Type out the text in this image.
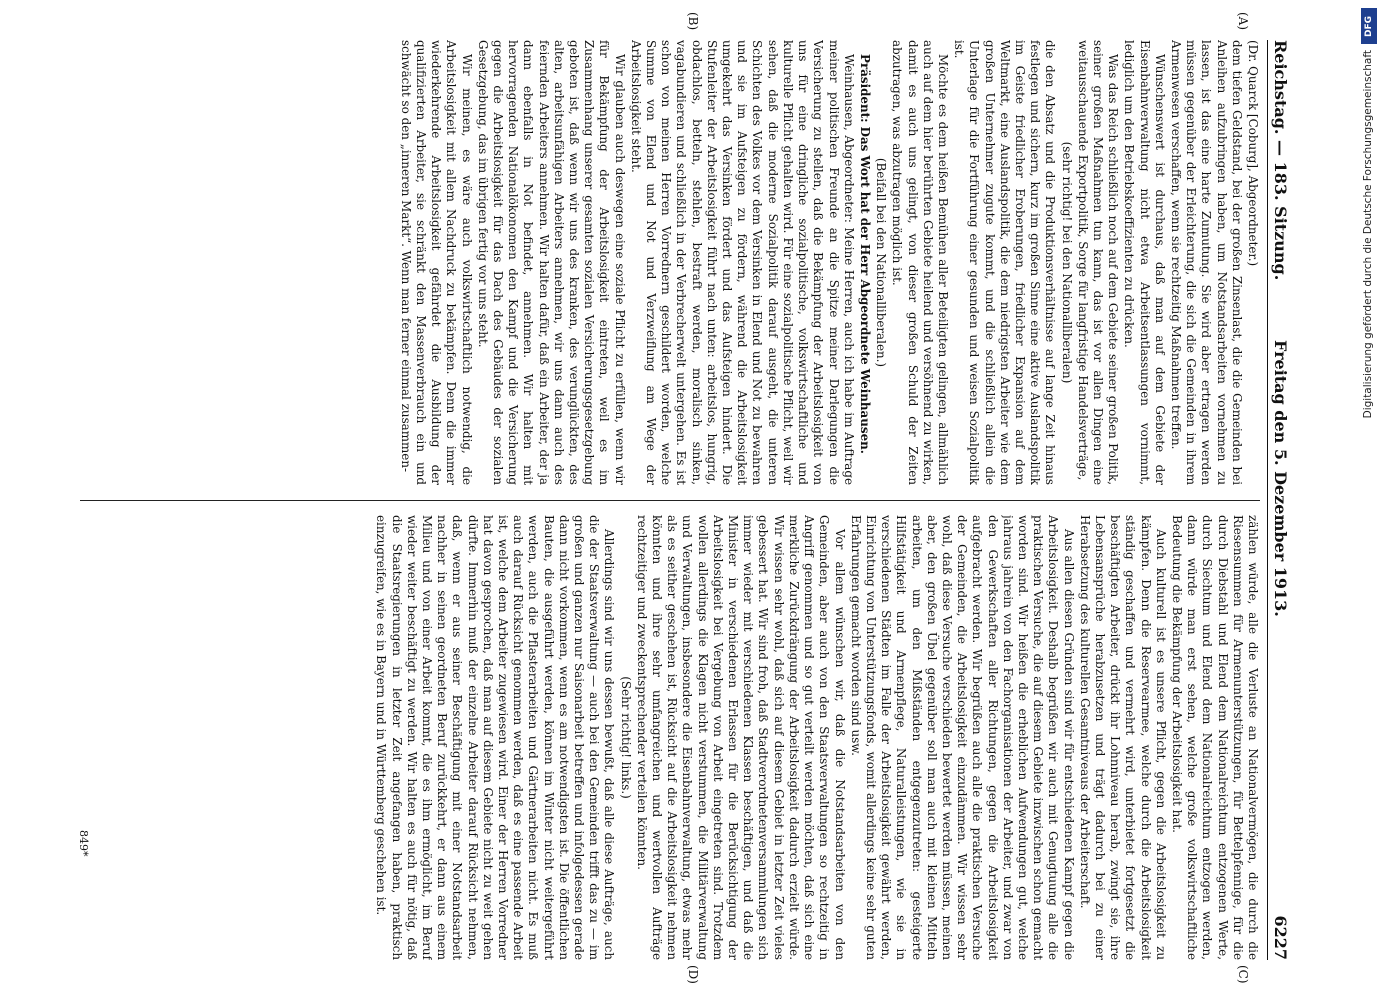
Reichstag. — 183. Sitzung.
Freitag den 5. Dezember 1913.
6227
(A)
(B)
(C)
(D)

(Dr. Quarck [Coburg], Abgeordneter.)

dem tiefen Geldstand, bei der großen Zinsenlast, die die Gemeinden bei Anleihen aufzubringen haben, um Notstandsarbeiten vornehmen zu lassen, ist das eine harte Zumutung. Sie wird aber ertragen werden müssen gegenüber der Erleichterung, die sich die Gemeinden in ihrem Armenwesen verschaffen, wenn sie rechtzeitig Maßnahmen treffen.

Wünschenswert ist durchaus, daß man auf dem Gebiete der Eisenbahnverwaltung nicht etwa Arbeitsentlassungen vornimmt, lediglich um den Betriebskoeffizienten zu drücken.

Was das Reich schließlich noch auf dem Gebiete seiner großen Politik, seiner großen Maßnahmen tun kann, das ist vor allen Dingen eine weitausschauende Exportpolitik, Sorge für langfristige Handelsverträge,

(sehr richtig! bei den Nationalliberalen)

die den Absatz und die Produktionsverhältnisse auf lange Zeit hinaus festlegen und sichern, kurz im großen Sinne eine aktive Auslandspolitik im Geiste friedlicher Eroberungen, friedlicher Expansion auf dem Weltmarkt, eine Auslandspolitik, die dem niedrigsten Arbeiter wie dem großen Unternehmer zugute kommt, und die schließlich allein die Unterlage für die Fortführung einer gesunden und weisen Sozialpolitik ist.

Möchte es dem heißen Bemühen aller Beteiligten gelingen, allmählich auch auf dem hier berührten Gebiete heilend und versöhnend zu wirken, damit es auch uns gelingt, von dieser großen Schuld der Zeiten abzutragen, was abzutragen möglich ist.

(Beifall bei den Nationalliberalen.)

Präsident: Das Wort hat der Herr Abgeordnete Weinhausen.

Weinhausen, Abgeordneter: Meine Herren, auch ich habe im Auftrage meiner politischen Freunde an die Spitze meiner Darlegungen die Versicherung zu stellen, daß die Bekämpfung der Arbeitslosigkeit von uns für eine dringliche sozialpolitische, volkswirtschaftliche und kulturelle Pflicht gehalten wird. Für eine sozialpolitische Pflicht, weil wir sehen, daß die moderne Sozialpolitik darauf ausgeht, die unteren Schichten des Volkes vor dem Versinken in Elend und Not zu bewahren und sie im Aufsteigen zu fördern, während die Arbeitslosigkeit umgekehrt das Versinken fördert und das Aufsteigen hindert. Die Stufenleiter der Arbeitslosigkeit führt nach unten: arbeitslos, hungrig, obdachlos, betteln, stehlen, bestraft werden, moralisch sinken, vagabundieren und schließlich in der Verbrecherwelt untergehen. Es ist schon von meinen Herren Vorrednern geschildert worden, welche Summe von Elend und Not und Verzweiflung am Wege der Arbeitslosigkeit steht.

Wir glauben auch deswegen eine soziale Pflicht zu erfüllen, wenn wir für Bekämpfung der Arbeitslosigkeit eintreten, weil es im Zusammenhang unserer gesamten sozialen Versicherungsgesetzgebung geboten ist, daß wenn wir uns des kranken, des verunglückten, des alten, arbeitsunfähigen Arbeiters annehmen, wir uns dann auch des feiernden Arbeiters annehmen. Wir halten dafür, daß ein Arbeiter, der ja dann ebenfalls in Not befindet, annehmen. Wir halten mit hervorragenden Nationalökonomen den Kampf und die Versicherung gegen die Arbeitslosigkeit für das Dach des Gebäudes der sozialen Gesetzgebung, das im übrigen fertig vor uns steht.

Wir meinen, es wäre auch volkswirtschaftlich notwendig, die Arbeitslosigkeit mit allem Nachdruck zu bekämpfen. Denn die immer wiederkehrende Arbeitslosigkeit gefährdet die Ausbildung der qualifizierten Arbeiter, sie schränkt den Massenverbrauch ein und schwächt so den „inneren Markt“. Wenn man ferner einmal zusammen-

zählen würde, alle die Verluste an Nationalvermögen, die durch die Riesensummen für Armenunterstützungen, für Bettelpfennige, für die durch Diebstahl und Elend dem Nationalreichtum entzogenen Werte, durch Siechtum und Elend dem Nationalreichtum entzogen werden, dann würde man erst sehen, welche große volkswirtschaftliche Bedeutung die Bekämpfung der Arbeitslosigkeit hat.

Auch kulturell ist es unsere Pflicht, gegen die Arbeitslosigkeit zu kämpfen. Denn die Reservearmee, welche durch die Arbeitslosigkeit ständig geschaffen und vermehrt wird, unterbietet fortgesetzt die beschäftigten Arbeiter, drückt ihr Lohnniveau herab, zwingt sie, ihre Lebensansprüche herabzusetzen und trägt dadurch bei zu einer Herabsetzung des kulturellen Gesamtniveaus der Arbeiterschaft.

Aus allen diesen Gründen sind wir für entschiedenen Kampf gegen die Arbeitslosigkeit. Deshalb begrüßen wir auch mit Genugtuung alle die praktischen Versuche, die auf diesem Gebiete inzwischen schon gemacht worden sind. Wir heißen die erheblichen Aufwendungen gut, welche jahraus jahrein von den Fachorganisationen der Arbeiter, und zwar von den Gewerkschaften aller Richtungen, gegen die Arbeitslosigkeit aufgebracht werden. Wir begrüßen auch alle die praktischen Versuche der Gemeinden, die Arbeitslosigkeit einzudämmen. Wir wissen sehr wohl, daß diese Versuche verschieden bewertet werden müssen, meinen aber, den großen Übel gegenüber soll man auch mit kleinen Mitteln arbeiten, um den Mißständen entgegenzutreten: gesteigerte Hilfstätigkeit und Armenpflege, Naturalleistungen, wie sie in verschiedenen Städten im Falle der Arbeitslosigkeit gewährt werden, Einrichtung von Unterstützungsfonds, womit allerdings keine sehr guten Erfahrungen gemacht worden sind usw.

Vor allem wünschen wir, daß die Notstandsarbeiten von den Gemeinden, aber auch von den Staatsverwaltungen so rechtzeitig in Angriff genommen und so gut verteilt werden möchten, daß sich eine merkliche Zurückdrängung der Arbeitslosigkeit dadurch erzielt würde. Wir wissen sehr wohl, daß sich auf diesem Gebiet in letzter Zeit vieles gebessert hat. Wir sind froh, daß Stadtverordnetenversammlungen sich immer wieder mit verschiedenen Klassen beschäftigen, und daß die Minister in verschiedenen Erlassen für die Berücksichtigung der Arbeitslosigkeit bei Vergebung von Arbeit eingetreten sind. Trotzdem wollen allerdings die Klagen nicht verstummen, die Militärverwaltung und Verwaltungen, insbesondere die Eisenbahnverwaltung, etwas mehr als es seither geschehen ist, Rücksicht auf die Arbeitslosigkeit nehmen könnten und ihre sehr umfangreichen und wertvollen Aufträge rechtzeitiger und zweckentsprechender verteilen könnten.

(Sehr richtig! links.)

Allerdings sind wir uns dessen bewußt, daß alle diese Aufträge, auch die der Staatsverwaltung — auch bei den Gemeinden trifft das zu — im großen und ganzen nur Saisonarbeit betreffen und infolgedessen gerade dann nicht vorkommen, wenn es am notwendigsten ist. Die öffentlichen Bauten, die ausgeführt werden, können im Winter nicht weitergeführt werden, auch die Pflasterarbeiten und Gärtnerarbeiten nicht. Es muß auch darauf Rücksicht genommen werden, daß es eine passende Arbeit ist, welche dem Arbeiter zugewiesen wird. Einer der Herren Vorredner hat davon gesprochen, daß man auf diesem Gebiete nicht zu weit gehen dürfte. Immerhin muß der einzelne Arbeiter darauf Rücksicht nehmen, daß, wenn er aus seiner Beschäftigung mit einer Notstandsarbeit nachher in seinen geordneten Beruf zurückkehrt, er dann aus einem Milieu und von einer Arbeit kommt, die es ihm ermöglicht, im Beruf wieder weiter beschäftigt zu werden. Wir halten es auch für nötig, daß die Staatsregierungen in letzter Zeit angefangen haben, praktisch einzugreifen, wie es in Bayern und in Württemberg geschehen ist.

849*
DFG
Digitalisierung gefördert durch die Deutsche Forschungsgemeinschaft
